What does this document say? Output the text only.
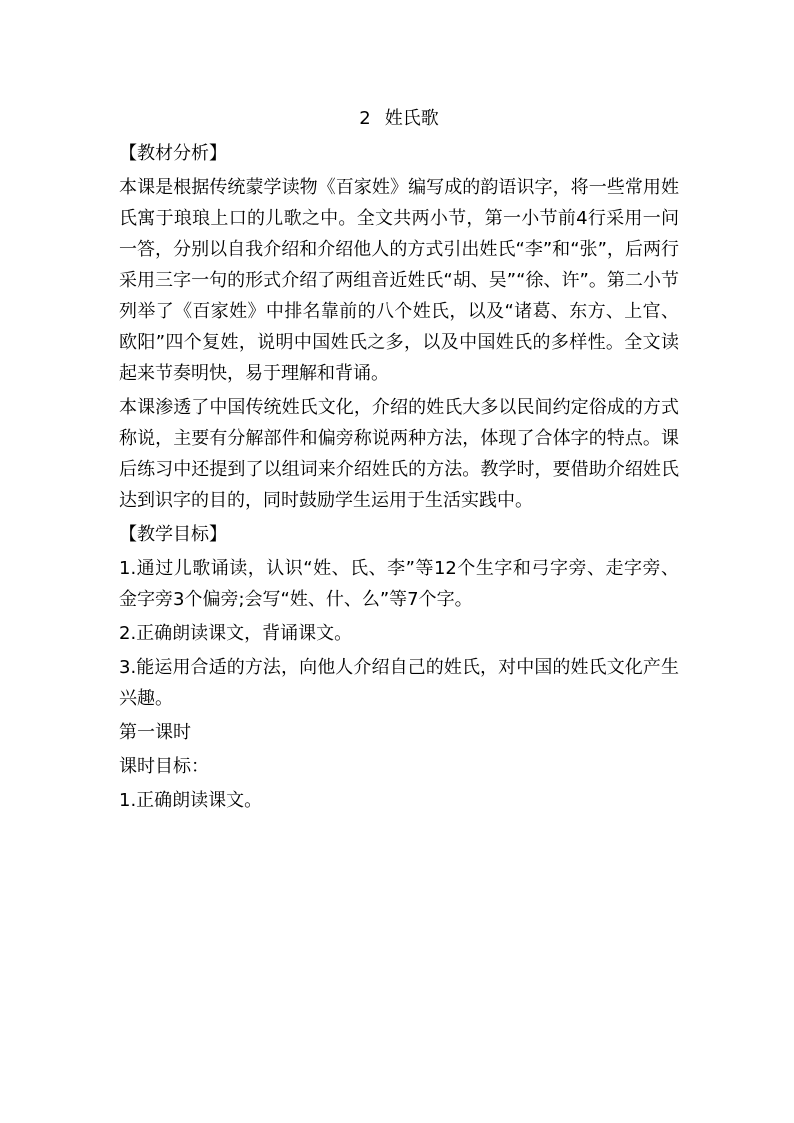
2 姓氏歌

【教材分析】

本课是根据传统蒙学读物《百家姓》编写成的韵语识字，将一些常用姓氏寓于琅琅上口的儿歌之中。全文共两小节，第一小节前4行采用一问一答，分别以自我介绍和介绍他人的方式引出姓氏“李”和“张”，后两行采用三字一句的形式介绍了两组音近姓氏“胡、吴”“徐、许”。第二小节列举了《百家姓》中排名靠前的八个姓氏，以及“诸葛、东方、上官、欧阳”四个复姓，说明中国姓氏之多，以及中国姓氏的多样性。全文读起来节奏明快，易于理解和背诵。

本课渗透了中国传统姓氏文化，介绍的姓氏大多以民间约定俗成的方式称说，主要有分解部件和偏旁称说两种方法，体现了合体字的特点。课后练习中还提到了以组词来介绍姓氏的方法。教学时，要借助介绍姓氏达到识字的目的，同时鼓励学生运用于生活实践中。

【教学目标】

1.通过儿歌诵读，认识“姓、氏、李”等12个生字和弓字旁、走字旁、金字旁3个偏旁;会写“姓、什、么”等7个字。

2.正确朗读课文，背诵课文。

3.能运用合适的方法，向他人介绍自己的姓氏，对中国的姓氏文化产生兴趣。

第一课时

课时目标：

1.正确朗读课文。
